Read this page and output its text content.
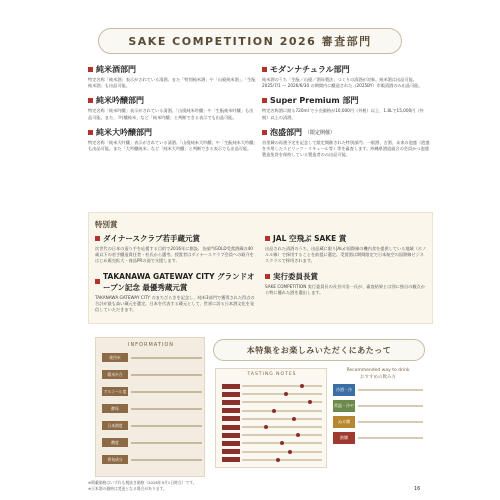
SAKE COMPETITION 2026 審査部門
純米酒部門
特定名称「純米酒」表示がされている清酒。また「特別純米酒」や「山廃純米酒」、「生酛純米酒」も出品可能。
純米吟醸部門
特定名称「純米吟醸」表示がされている清酒。「山廃純米吟醸」や「生酛純米吟醸」も出品可能。また、「吟醸純米」など「純米吟醸」と判断できる表示でも出品可能。
純米大吟醸部門
特定名称「純米大吟醸」表示がされている清酒。「山廃純米大吟醸」や「生酛純米大吟醸」も出品可能。また「大吟醸純米」など「純米大吟醸」と判断できる表示でも出品可能。
モダンナチュラル部門
純米酒のうち「生酛／山廃／酒母製法」づくりの清酒が対象。純米酒は出品可能。2025/7/1 〜 2026/6/30 の期間内に醸造された（2025BY）市販清酒のみ出品可能。
Super Premium 部門
特定名称酒に限る720ml で小売価格が10,000円（外税）以上、1.8Lで15,000円（外税）以上の清酒。
泡盛部門 （限定開催）
首里城の再建予定を記念して限定開催された特別部門。一般酒、古酒、未来の泡盛（泡盛を多用したスピリッツ・リキュール等）等を審査します。沖縄県酒造組合の会員かつ泡盛製造免許を保持している製造者のみ出品可能。
特別賞
ダイナースクラブ若手蔵元賞
次世代の日本の造り手を応援する目的で2016年に創設。各部門GOLD受賞酒蔵の40歳以下の若手醸造責任者・杜氏から選考。授賞者はダイナースクラブ会員への紹介をはじめ販売拡大・商品PRの面で支援します。
TAKANAWA GATEWAY CITY グランドオープン記念 最優秀蔵元賞
TAKANAWA GATEWAY CITY のまちびらきを記念し、純米3部門で獲得された得点の合計が最も高い蔵元を選定。日本を代表する蔵元として、世界に誇る日本酒文化を発信していただきます。
JAL 空飛ぶ SAKE 賞
出品された清酒のうち、出品蔵に限りJALが国際線の機内食を提供している地域（ホノルル線）で採用することを前提に選定。受賞酒は期間限定で日本航空の国際線ビジネスクラスで採用されます。
実行委員長賞
SAKE COMPETITION 実行委員長の長谷川浩一氏が、審査結果とは別に独自の観点から特に優れた酒を選出します。
INFORMATION
使用米
精米歩合
アルコール度
酵母
日本酒度
酸度
香気成分
本特集をお楽しみいただくにあたって
TASTING NOTES
Recommended way to drink
おすすめの飲み方
冷酒・冷
常温・冷や
ぬる燗
熱燗
※掲載価格はいずれも税抜き価格（2026年9月1日時点）です。
※日本酒の価格は変更となる場合があります。	16
